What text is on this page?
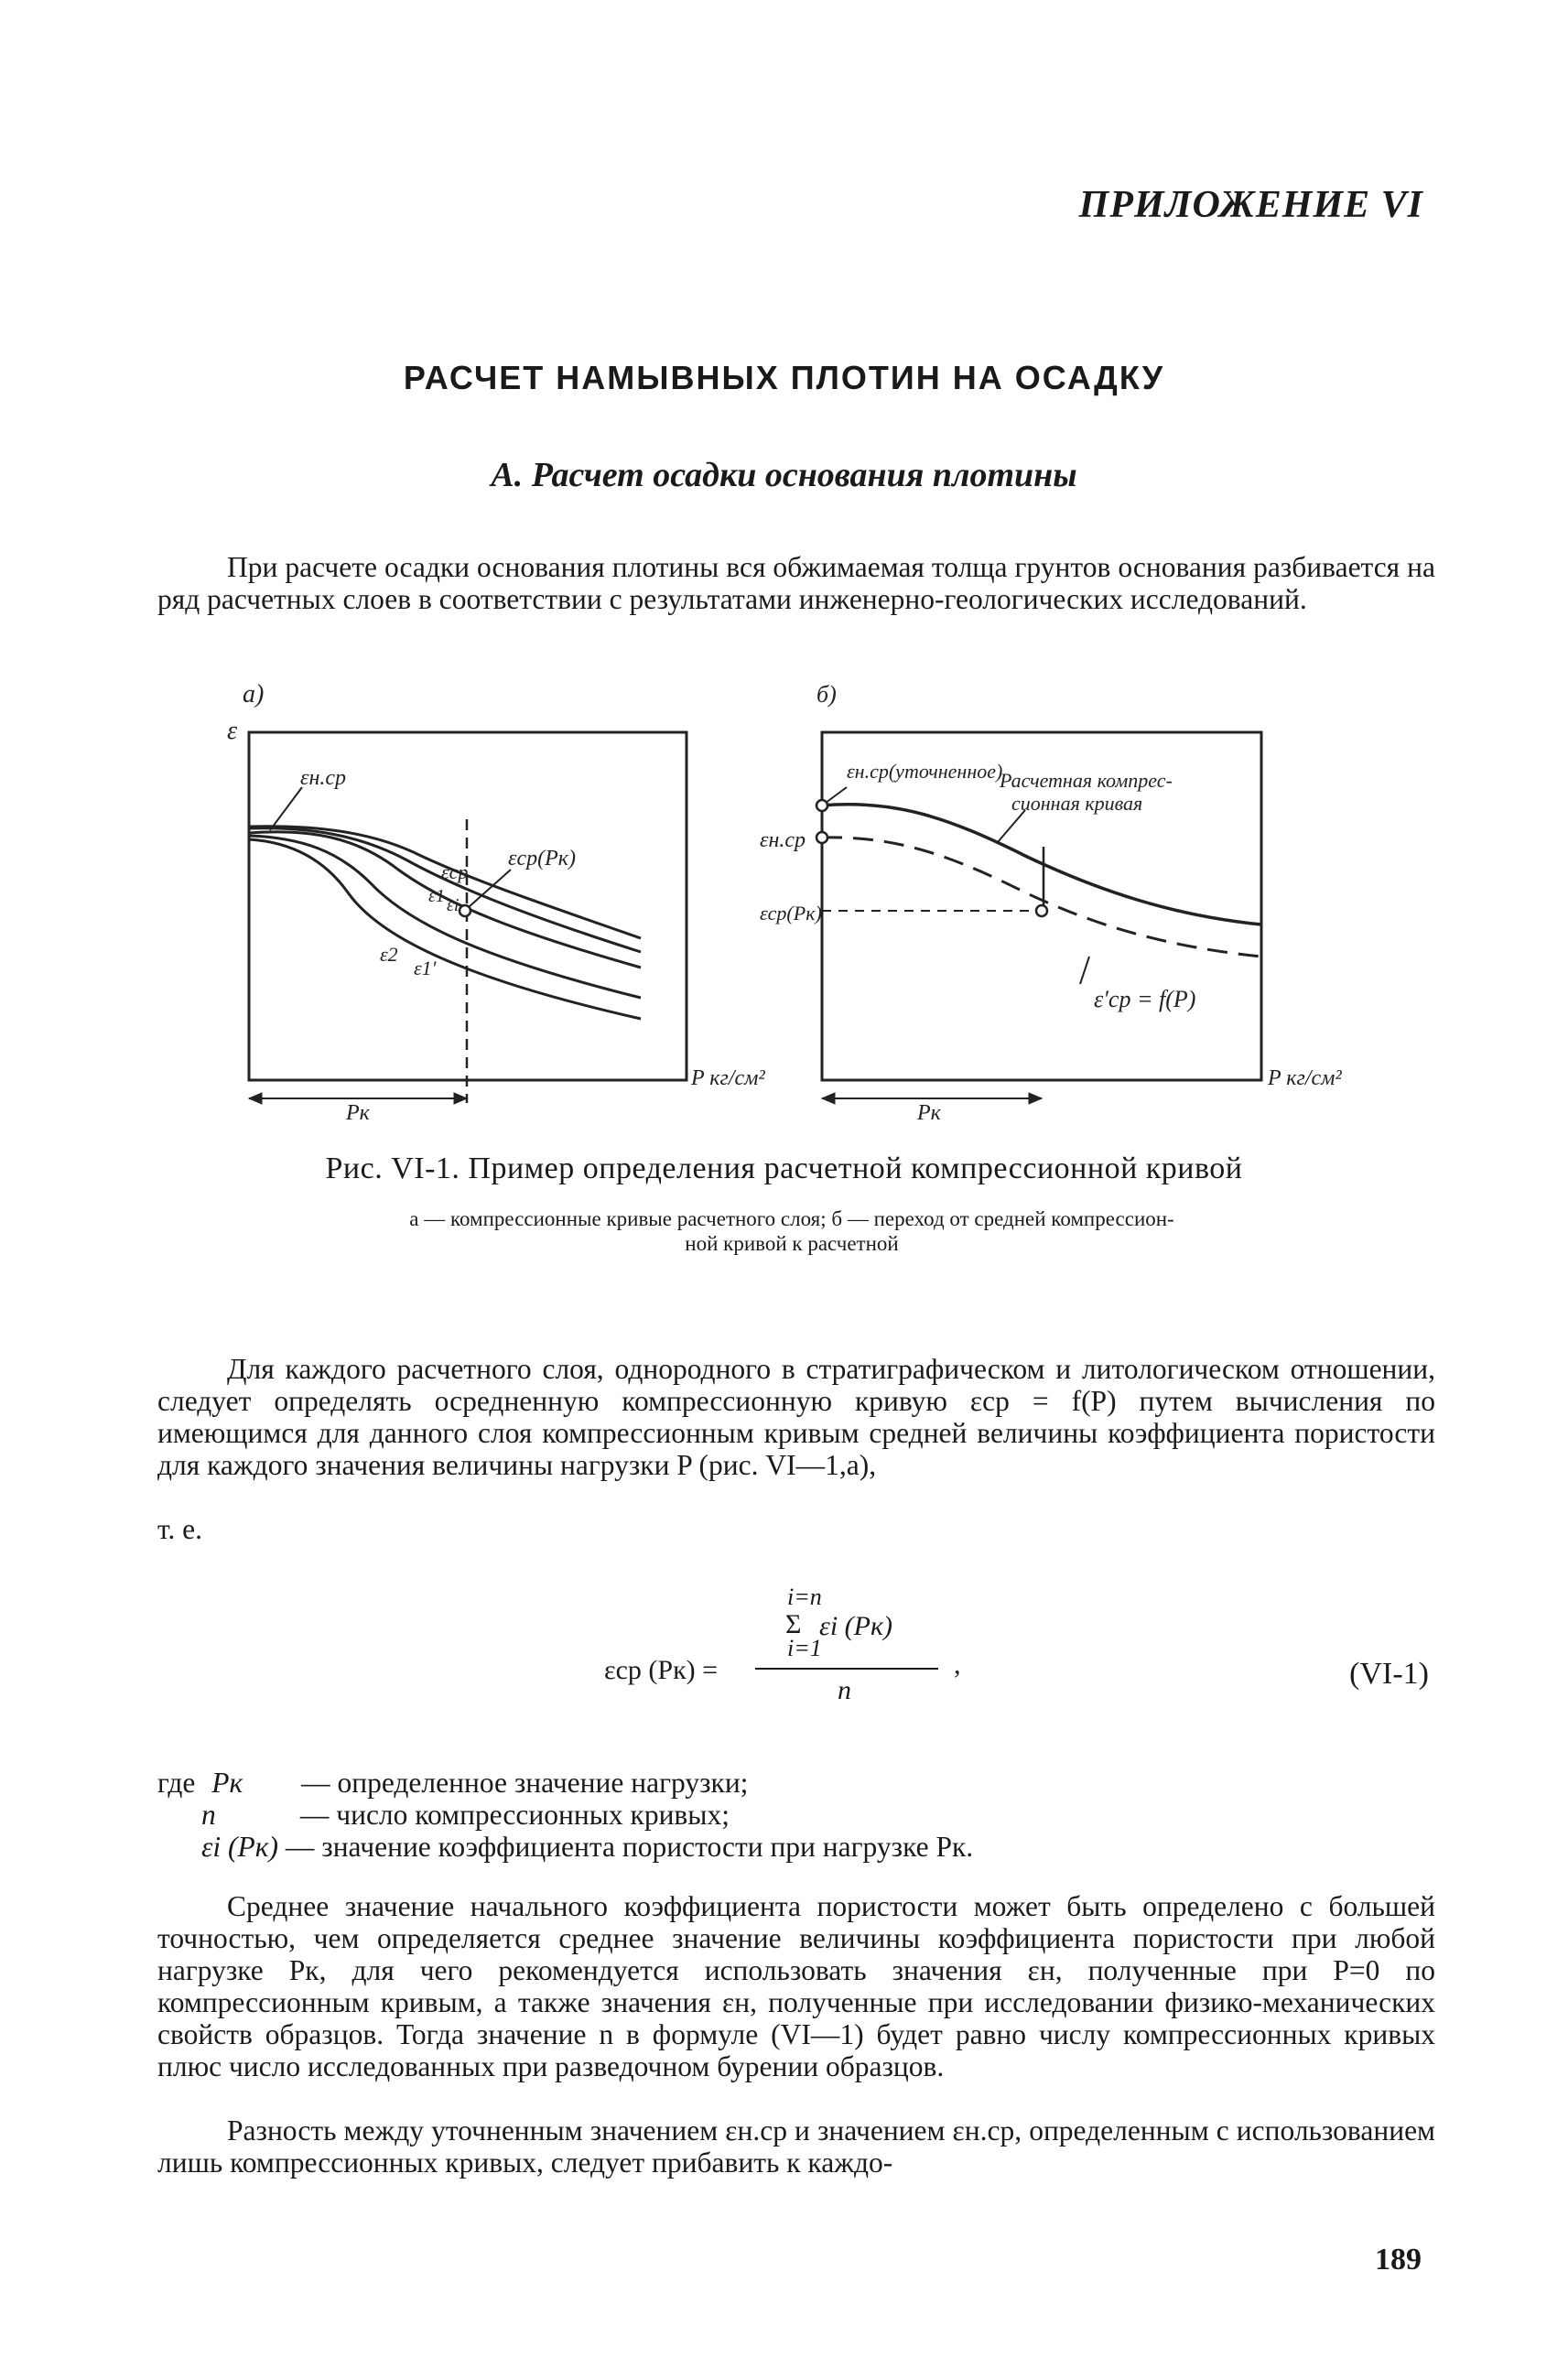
ПРИЛОЖЕНИЕ VI
РАСЧЕТ НАМЫВНЫХ ПЛОТИН НА ОСАДКУ
А. Расчет осадки основания плотины
При расчете осадки основания плотины вся обжимаемая толща грунтов основания разбивается на ряд расчетных слоев в соответствии с результатами инженерно-геологических исследований.
а)
ε
εн.ср
εср(Pк)
εср
εi
ε2
ε1′
ε1
P кг/см²
Pк
б)
εн.ср(уточненное)
Расчетная компрес-
сионная кривая
εн.ср
εср(Pк)
ε′ср = f(P)
P кг/см²
Pк
Рис. VI-1. Пример определения расчетной компрессионной кривой
а — компрессионные кривые расчетного слоя; б — переход от средней компрессион-
ной кривой к расчетной
Для каждого расчетного слоя, однородного в стратиграфическом и литологическом отношении, следует определять осредненную компрессионную кривую εср = f(P) путем вычисления по имеющимся для данного слоя компрессионным кривым средней величины коэффициента пористости для каждого значения величины нагрузки P (рис. VI—1,а),
т. е.
εср (Pк) =
i=n
Σ εi (Pк)
i=1
n
,	(VI-1)
где Pк — определенное значение нагрузки;
n	— число компрессионных кривых;
εi (Pк) — значение коэффициента пористости при нагрузке Pк.
Среднее значение начального коэффициента пористости может быть определено с большей точностью, чем определяется среднее значение величины коэффициента пористости при любой нагрузке Pк, для чего рекомендуется использовать значения εн, полученные при P=0 по компрессионным кривым, а также значения εн, полученные при исследовании физико-механических свойств образцов. Тогда значение n в формуле (VI—1) будет равно числу компрессионных кривых плюс число исследованных при разведочном бурении образцов.
Разность между уточненным значением εн.ср и значением εн.ср, определенным с использованием лишь компрессионных кривых, следует прибавить к каждо-
189
